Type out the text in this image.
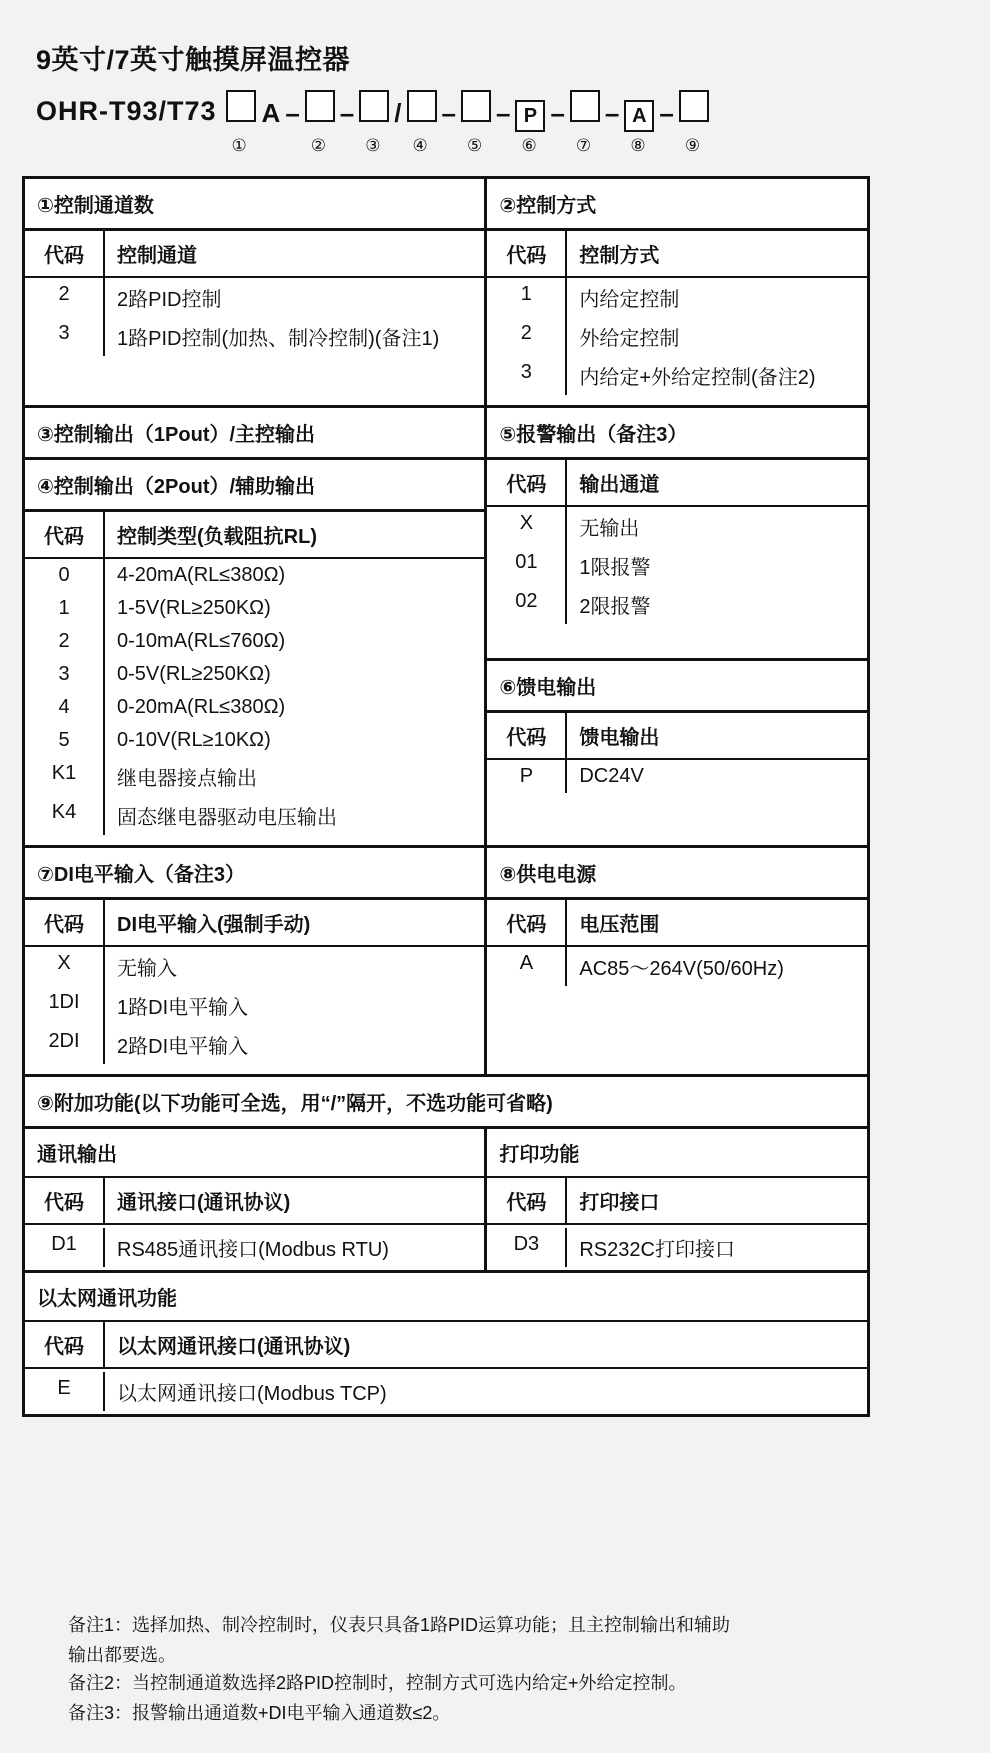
9英寸/7英寸触摸屏温控器
OHR-T93/T73	A – – / – – P – – A –
①	② ③ ④ ⑤ ⑥ ⑦ ⑧ ⑨
①控制通道数
代码	控制通道
2	2路PID控制
3	1路PID控制(加热、制冷控制)(备注1)
②控制方式
代码	控制方式
1	内给定控制
2	外给定控制
3	内给定+外给定控制(备注2)
③控制输出（1Pout）/主控输出
④控制输出（2Pout）/辅助输出
代码	控制类型(负载阻抗RL)
0	4-20mA(RL≤380Ω)
1	1-5V(RL≥250KΩ)
2	0-10mA(RL≤760Ω)
3	0-5V(RL≥250KΩ)
4	0-20mA(RL≤380Ω)
5	0-10V(RL≥10KΩ)
K1	继电器接点输出
K4	固态继电器驱动电压输出
⑤报警输出（备注3）
代码	输出通道
X	无输出
01	1限报警
02	2限报警
⑥馈电输出
代码	馈电输出
P	DC24V
⑦DI电平输入（备注3）
代码	DI电平输入(强制手动)
X	无输入
1DI	1路DI电平输入
2DI	2路DI电平输入
⑧供电电源
代码	电压范围
A	AC85～264V(50/60Hz)
⑨附加功能(以下功能可全选，用“/”隔开，不选功能可省略)
通讯输出
代码	通讯接口(通讯协议)
D1	RS485通讯接口(Modbus RTU)
打印功能
代码	打印接口
D3	RS232C打印接口
以太网通讯功能
代码	以太网通讯接口(通讯协议)
E	以太网通讯接口(Modbus TCP)
备注1： 选择加热、制冷控制时，仪表只具备1路PID运算功能；且主控制输出和辅助
输出都要选。
备注2： 当控制通道数选择2路PID控制时，控制方式可选内给定+外给定控制。
备注3： 报警输出通道数+DI电平输入通道数≤2。
